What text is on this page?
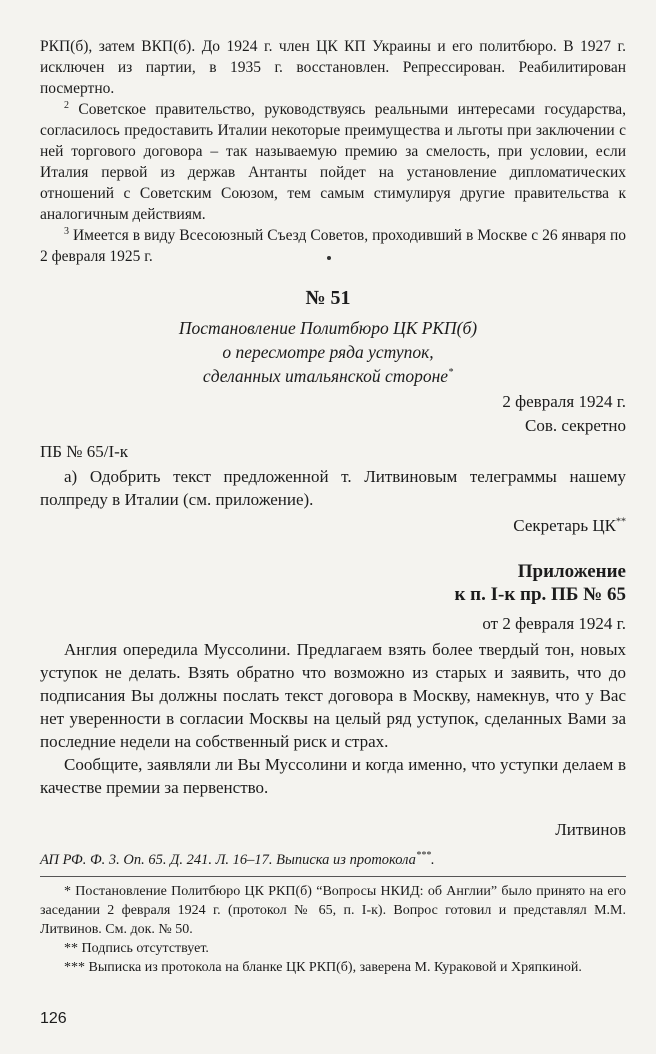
РКП(б), затем ВКП(б). До 1924 г. член ЦК КП Украины и его политбюро. В 1927 г. исключен из партии, в 1935 г. восстановлен. Репрессирован. Реабилитирован посмертно.

$^2$ Советское правительство, руководствуясь реальными интересами государства, согласилось предоставить Италии некоторые преимущества и льготы при заключении с ней торгового договора – так называемую премию за смелость, при условии, если Италия первой из держав Антанты пойдет на установление дипломатических отношений с Советским Союзом, тем самым стимулируя другие правительства к аналогичным действиям.

$^3$ Имеется в виду Всесоюзный Съезд Советов, проходивший в Москве с 26 января по 2 февраля 1925 г.

№ 51
Постановление Политбюро ЦК РКП(б)
о пересмотре ряда уступок,
сделанных итальянской стороне*
2 февраля 1924 г.
Сов. секретно
ПБ № 65/I-к

а) Одобрить текст предложенной т. Литвиновым телеграммы нашему полпреду в Италии (см. приложение).

Секретарь ЦК**
Приложение
к п. I-к пр. ПБ № 65
от 2 февраля 1924 г.

Англия опередила Муссолини. Предлагаем взять более твердый тон, новых уступок не делать. Взять обратно что возможно из старых и заявить, что до подписания Вы должны послать текст договора в Москву, намекнув, что у Вас нет уверенности в согласии Москвы на целый ряд уступок, сделанных Вами за последние недели на собственный риск и страх.

Сообщите, заявляли ли Вы Муссолини и когда именно, что уступки делаем в качестве премии за первенство.

Литвинов
АП РФ. Ф. 3. Оп. 65. Д. 241. Л. 16–17. Выписка из протокола***.

* Постановление Политбюро ЦК РКП(б) “Вопросы НКИД: об Англии” было принято на его заседании 2 февраля 1924 г. (протокол № 65, п. I-к). Вопрос готовил и представлял М.М. Литвинов. См. док. № 50.

** Подпись отсутствует.

*** Выписка из протокола на бланке ЦК РКП(б), заверена М. Кураковой и Хряпкиной.

126
